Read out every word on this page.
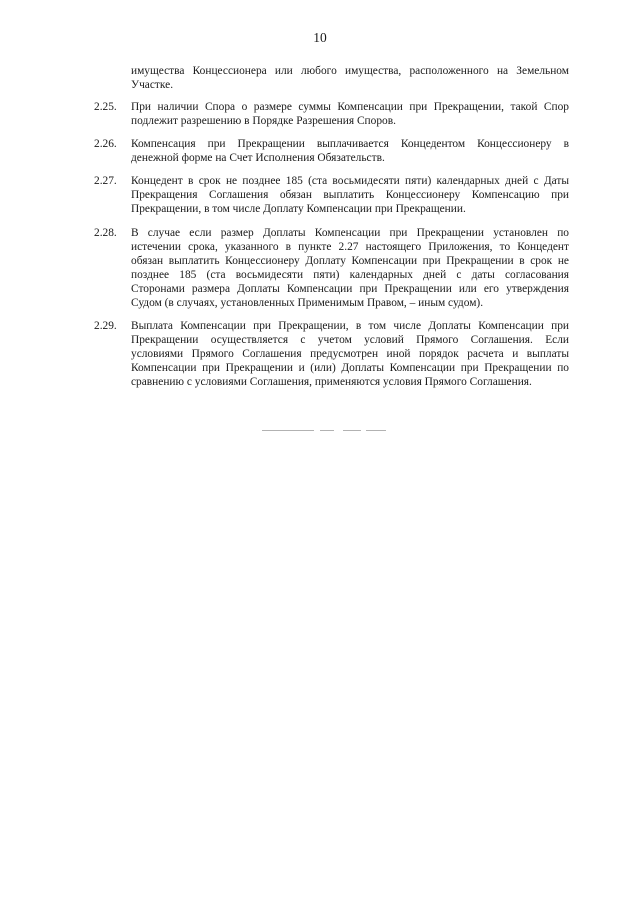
10
имущества Концессионера или любого имущества, расположенного на Земельном
Участке.
2.25. При наличии Спора о размере суммы Компенсации при Прекращении, такой Спор
подлежит разрешению в Порядке Разрешения Споров.
2.26. Компенсация при Прекращении выплачивается Концедентом Концессионеру в
денежной форме на Счет Исполнения Обязательств.
2.27. Концедент в срок не позднее 185 (ста восьмидесяти пяти) календарных дней с Даты
Прекращения Соглашения обязан выплатить Концессионеру Компенсацию при
Прекращении, в том числе Доплату Компенсации при Прекращении.
2.28. В случае если размер Доплаты Компенсации при Прекращении установлен по
истечении срока, указанного в пункте 2.27 настоящего Приложения, то Концедент
обязан выплатить Концессионеру Доплату Компенсации при Прекращении в срок не
позднее 185 (ста восьмидесяти пяти) календарных дней с даты согласования
Сторонами размера Доплаты Компенсации при Прекращении или его утверждения
Судом (в случаях, установленных Применимым Правом, – иным судом).
2.29. Выплата Компенсации при Прекращении, в том числе Доплаты Компенсации при
Прекращении осуществляется с учетом условий Прямого Соглашения. Если
условиями Прямого Соглашения предусмотрен иной порядок расчета и выплаты
Компенсации при Прекращении и (или) Доплаты Компенсации при Прекращении по
сравнению с условиями Соглашения, применяются условия Прямого Соглашения.
